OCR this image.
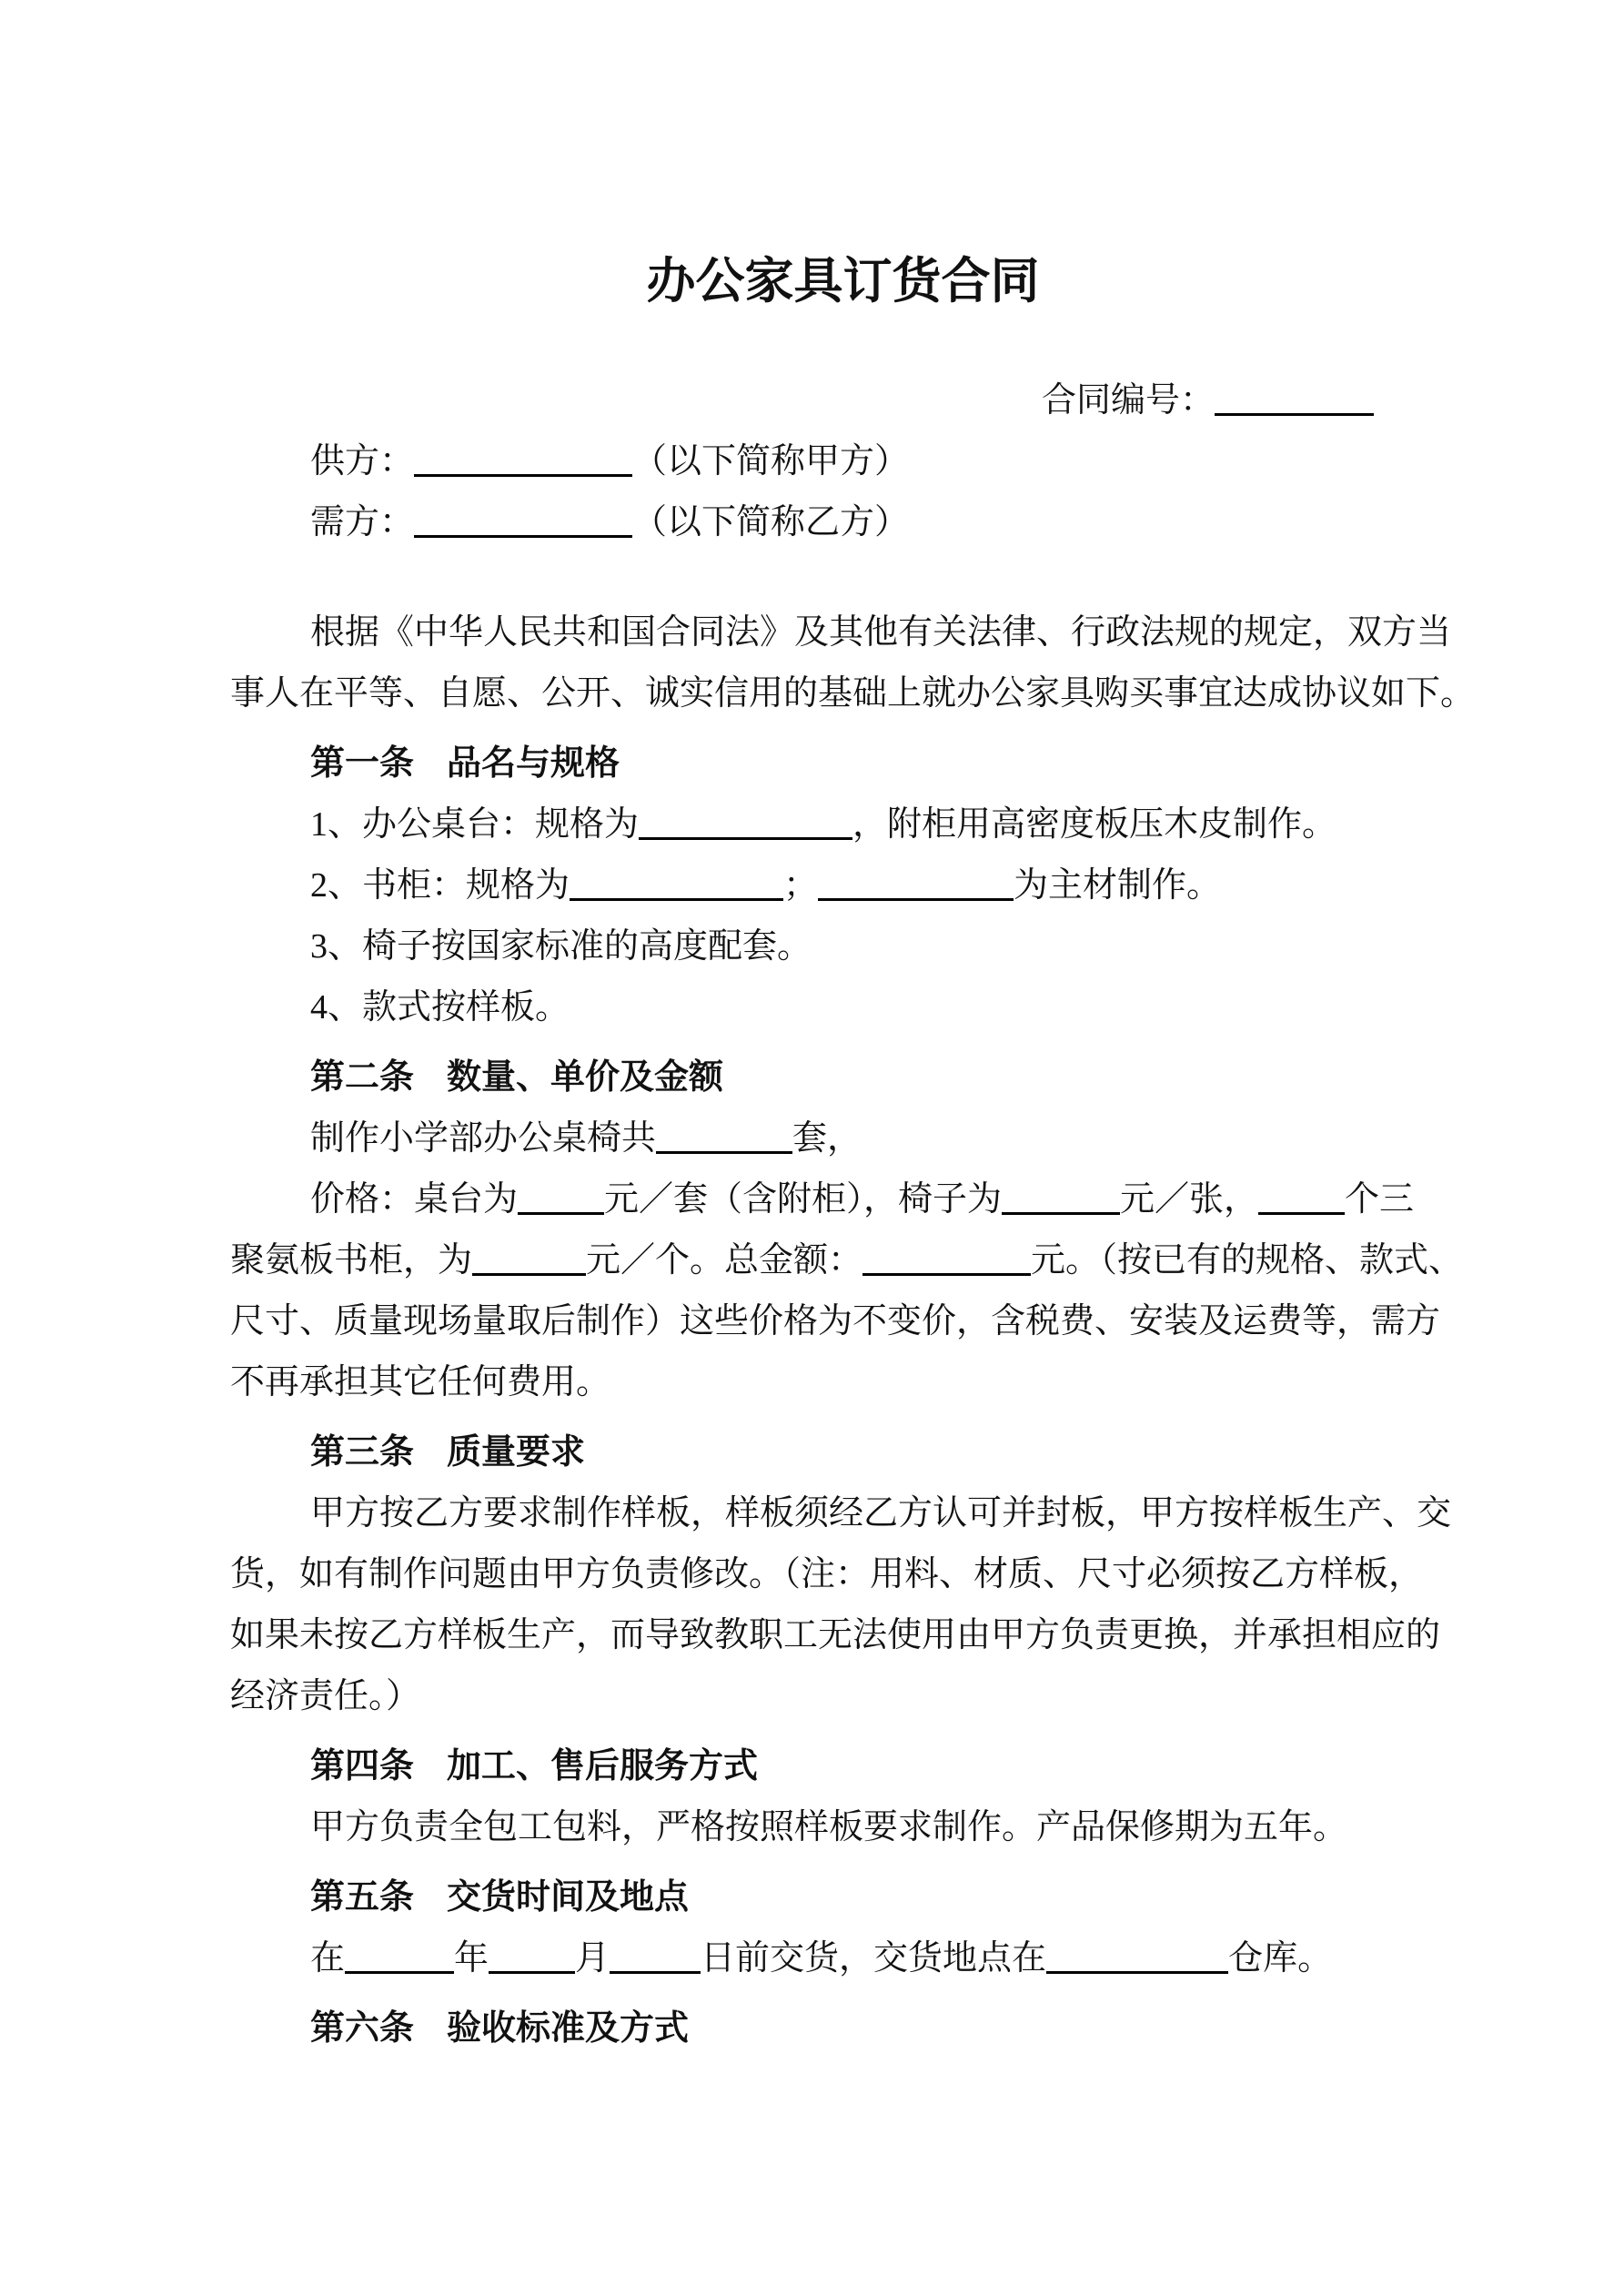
办公家具订货合同
合同编号：
供方：	（以下简称甲方）
需方：	（以下简称乙方）
根据《中华人民共和国合同法》及其他有关法律、行政法规的规定，双方当
事人在平等、自愿、公开、诚实信用的基础上就办公家具购买事宜达成协议如下。
第一条 品名与规格
1、办公桌台：规格为	，附柜用高密度板压木皮制作。
2、书柜：规格为	；	为主材制作。
3、椅子按国家标准的高度配套。
4、款式按样板。
第二条 数量、单价及金额
制作小学部办公桌椅共	套，
价格：桌台为	元／套（含附柜），椅子为	元／张，	个三
聚氨板书柜，为	元／个。总金额：	元。（按已有的规格、款式、
尺寸、质量现场量取后制作）这些价格为不变价，含税费、安装及运费等，需方
不再承担其它任何费用。
第三条 质量要求
甲方按乙方要求制作样板，样板须经乙方认可并封板，甲方按样板生产、交
货，如有制作问题由甲方负责修改。（注：用料、材质、尺寸必须按乙方样板，
如果未按乙方样板生产，而导致教职工无法使用由甲方负责更换，并承担相应的
经济责任。）
第四条 加工、售后服务方式
甲方负责全包工包料，严格按照样板要求制作。产品保修期为五年。
第五条 交货时间及地点
在	年	月	日前交货，交货地点在	仓库。
第六条 验收标准及方式
